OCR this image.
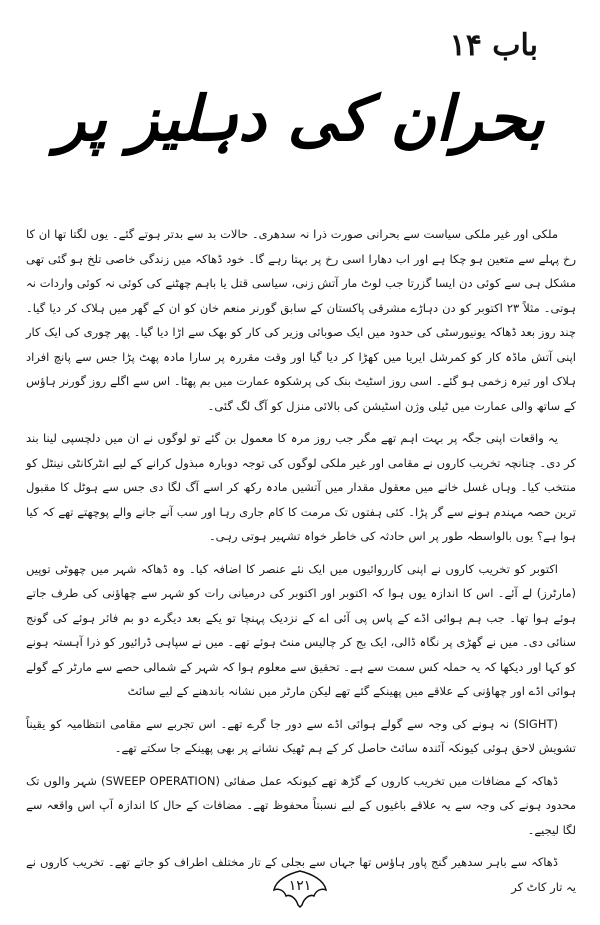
باب ۱۴
بحران کی دہلیز پر

ملکی اور غیر ملکی سیاست سے بحرانی صورت ذرا نہ سدھری۔ حالات بد سے بدتر ہوتے گئے۔ یوں لگتا تھا ان کا رخ پہلے سے متعین ہو چکا ہے اور اب دھارا اسی رخ پر بہتا رہے گا۔ خود ڈھاکہ میں زندگی خاصی تلخ ہو گئی تھی مشکل ہی سے کوئی دن ایسا گزرتا جب لوٹ مار آتش زنی، سیاسی قتل یا باہم چھٹنے کی کوئی نہ کوئی واردات نہ ہوتی۔ مثلاً ۲۳ اکتوبر کو دن دہاڑے مشرقی پاکستان کے سابق گورنر منعم خان کو ان کے گھر میں ہلاک کر دیا گیا۔ چند روز بعد ڈھاکہ یونیورسٹی کی حدود میں ایک صوبائی وزیر کی کار کو بھک سے اڑا دیا گیا۔ پھر چوری کی ایک کار اپنی آتش ماڈہ کار کو کمرشل ایریا میں کھڑا کر دیا گیا اور وقت مقررہ پر سارا مادہ پھٹ پڑا جس سے پانچ افراد ہلاک اور تیرہ زخمی ہو گئے۔ اسی روز اسٹیٹ بنک کی پرشکوہ عمارت میں بم پھٹا۔ اس سے اگلے روز گورنر ہاؤس کے ساتھ والی عمارت میں ٹیلی وژن اسٹیشن کی بالائی منزل کو آگ لگ گئی۔

یہ واقعات اپنی جگہ پر بہت اہم تھے مگر جب روز مرہ کا معمول بن گئے تو لوگوں نے ان میں دلچسپی لینا بند کر دی۔ چنانچہ تخریب کاروں نے مقامی اور غیر ملکی لوگوں کی توجہ دوبارہ مبذول کرانے کے لیے انٹرکانٹی نینٹل کو منتخب کیا۔ وہاں غسل خانے میں معقول مقدار میں آتشیں مادہ رکھ کر اسے آگ لگا دی جس سے ہوٹل کا مقبول ترین حصہ مہندم ہونے سے گر پڑا۔ کئی ہفتوں تک مرمت کا کام جاری رہا اور سب آنے جانے والے پوچھتے تھے کہ کیا ہوا ہے؟ یوں بالواسطہ طور پر اس حادثہ کی خاطر خواہ تشہیر ہوتی رہی۔

اکتوبر کو تخریب کاروں نے اپنی کارروائیوں میں ایک نئے عنصر کا اضافہ کیا۔ وہ ڈھاکہ شہر میں چھوٹی توپیں (مارٹرز) لے آئے۔ اس کا اندازہ یوں ہوا کہ اکتوبر اور اکتوبر کی درمیانی رات کو شہر سے چھاؤنی کی طرف جاتے ہوئے ہوا تھا۔ جب ہم ہوائی اڈے کے پاس پی آئی اے کے نزدیک پہنچا تو یکے بعد دیگرے دو بم فائر ہوئے کی گونج سنائی دی۔ میں نے گھڑی پر نگاہ ڈالی، ایک بج کر چالیس منٹ ہوئے تھے۔ میں نے سپاہی ڈرائیور کو ذرا آہستہ ہونے کو کہا اور دیکھا کہ یہ حملہ کس سمت سے ہے۔ تحقیق سے معلوم ہوا کہ شہر کے شمالی حصے سے مارٹر کے گولے ہوائی اڈے اور چھاؤنی کے علاقے میں پھینکے گئے تھے لیکن مارٹر میں نشانہ باندھنے کے لیے سائٹ

(SIGHT) نہ ہونے کی وجہ سے گولے ہوائی اڈے سے دور جا گرے تھے۔ اس تجربے سے مقامی انتظامیہ کو یقیناً تشویش لاحق ہوئی کیونکہ آئندہ سائٹ حاصل کر کے ہم ٹھیک نشانے پر بھی پھینکے جا سکتے تھے۔

ڈھاکہ کے مضافات میں تخریب کاروں کے گڑھ تھے کیونکہ عمل صفائی (SWEEP OPERATION) شہر والوں تک محدود ہونے کی وجہ سے یہ علاقے باغیوں کے لیے نسبتاً محفوظ تھے۔ مضافات کے حال کا اندازہ آپ اس واقعہ سے لگا لیجیے۔

ڈھاکہ سے باہر سدھیر گنج پاور ہاؤس تھا جہاں سے بجلی کے تار مختلف اطراف کو جاتے تھے۔ تخریب کاروں نے یہ تار کاٹ کر

۱۲۱
